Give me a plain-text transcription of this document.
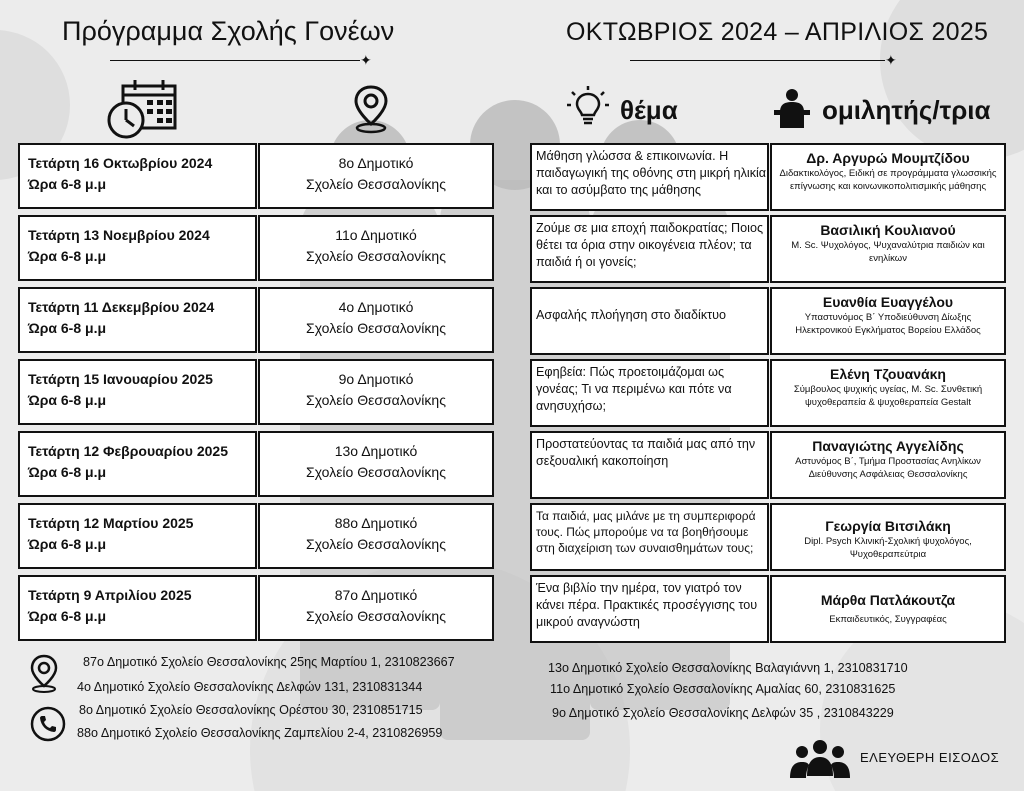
Πρόγραμμα Σχολής Γονέων
✦
ΟΚΤΩΒΡΙΟΣ 2024 – ΑΠΡΙΛΙΟΣ 2025
✦
θέμα	ομιλητής/τρια
Τετάρτη 16 Οκτωβρίου 2024
Ώρα 6-8 μ.μ
Τετάρτη 13 Νοεμβρίου 2024
Ώρα 6-8 μ.μ
Τετάρτη 11 Δεκεμβρίου 2024
Ώρα 6-8 μ.μ
Τετάρτη 15 Ιανουαρίου 2025
Ώρα 6-8 μ.μ
Τετάρτη 12 Φεβρουαρίου 2025
Ώρα 6-8 μ.μ
Τετάρτη 12 Μαρτίου 2025
Ώρα 6-8 μ.μ
Τετάρτη 9 Απριλίου 2025
Ώρα 6-8 μ.μ
8ο Δημοτικό
Σχολείο Θεσσαλονίκης
11ο Δημοτικό
Σχολείο Θεσσαλονίκης
4ο Δημοτικό
Σχολείο Θεσσαλονίκης
9ο Δημοτικό
Σχολείο Θεσσαλονίκης
13ο Δημοτικό
Σχολείο Θεσσαλονίκης
88ο Δημοτικό
Σχολείο Θεσσαλονίκης
87ο Δημοτικό
Σχολείο Θεσσαλονίκης
Μάθηση γλώσσα & επικοινωνία. Η παιδαγωγική της οθόνης στη μικρή ηλικία και το ασύμβατο της μάθησης
Ζούμε σε μια εποχή παιδοκρατίας; Ποιος θέτει τα όρια στην οικογένεια πλέον; τα παιδιά ή οι γονείς;
Ασφαλής πλοήγηση στο διαδίκτυο
Εφηβεία: Πώς προετοιμάζομαι ως γονέας; Τι να περιμένω και πότε να ανησυχήσω;
Προστατεύοντας τα παιδιά μας από την σεξουαλική κακοποίηση
Τα παιδιά, μας μιλάνε με τη συμπεριφορά τους. Πώς μπορούμε να τα βοηθήσουμε στη διαχείριση των συναισθημάτων τους;
Ένα βιβλίο την ημέρα, τον γιατρό τον κάνει πέρα. Πρακτικές προσέγγισης του μικρού αναγνώστη
Δρ. Αργυρώ Μουμτζίδου
Διδακτικολόγος, Ειδική σε προγράμματα γλωσσικής επίγνωσης και κοινωνικοπολιτισμικής μάθησης
Βασιλική Κουλιανού
M. Sc. Ψυχολόγος, Ψυχαναλύτρια παιδιών και ενηλίκων
Ευανθία Ευαγγέλου
Υπαστυνόμος Β΄ Υποδιεύθυνση Δίωξης Ηλεκτρονικού Εγκλήματος Βορείου Ελλάδος
Ελένη Τζουανάκη
Σύμβουλος ψυχικής υγείας, M. Sc. Συνθετική ψυχοθεραπεία & ψυχοθεραπεία Gestalt
Παναγιώτης Αγγελίδης
Αστυνόμος Β΄, Τμήμα Προστασίας Ανηλίκων Διεύθυνσης Ασφάλειας Θεσσαλονίκης
Γεωργία Βιτσιλάκη
Dipl. Psych Κλινική-Σχολική ψυχολόγος, Ψυχοθεραπεύτρια
Μάρθα Πατλάκουτζα
Εκπαιδευτικός, Συγγραφέας
87ο Δημοτικό Σχολείο Θεσσαλονίκης 25ης Μαρτίου 1, 2310823667
4ο Δημοτικό Σχολείο Θεσσαλονίκης Δελφών 131, 2310831344
8ο Δημοτικό Σχολείο Θεσσαλονίκης Ορέστου 30, 2310851715
88ο Δημοτικό Σχολείο Θεσσαλονίκης Ζαμπελίου 2-4, 2310826959
13ο Δημοτικό Σχολείο Θεσσαλονίκης Βαλαγιάννη 1, 2310831710
11ο Δημοτικό Σχολείο Θεσσαλονίκης Αμαλίας 60, 2310831625
9ο Δημοτικό Σχολείο Θεσσαλονίκης Δελφών 35 , 2310843229
ΕΛΕΥΘΕΡΗ ΕΙΣΟΔΟΣ
